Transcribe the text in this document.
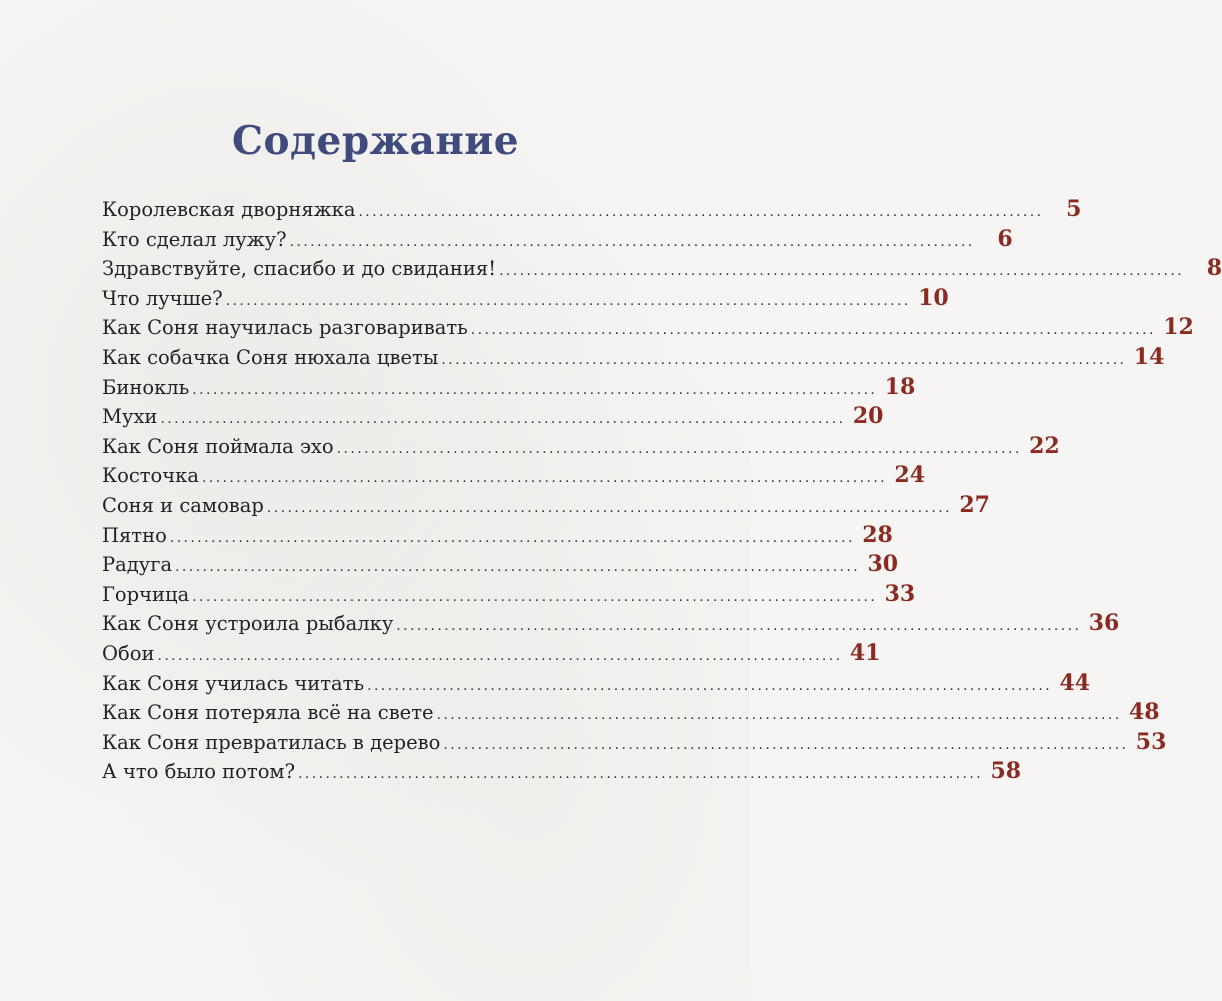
Содержание
Королевская дворняжка ....................................................................................................	5
Кто сделал лужу? ....................................................................................................	6
Здравствуйте, спасибо и до свидания! ....................................................................................................	8
Что лучше? .................................................................................................... 10
Как Соня научилась разговаривать .................................................................................................... 12
Как собачка Соня нюхала цветы .................................................................................................... 14
Бинокль .................................................................................................... 18
Мухи .................................................................................................... 20
Как Соня поймала эхо .................................................................................................... 22
Косточка .................................................................................................... 24
Соня и самовар .................................................................................................... 27
Пятно .................................................................................................... 28
Радуга .................................................................................................... 30
Горчица .................................................................................................... 33
Как Соня устроила рыбалку .................................................................................................... 36
Обои .................................................................................................... 41
Как Соня училась читать .................................................................................................... 44
Как Соня потеряла всё на свете .................................................................................................... 48
Как Соня превратилась в дерево .................................................................................................... 53
А что было потом? .................................................................................................... 58
